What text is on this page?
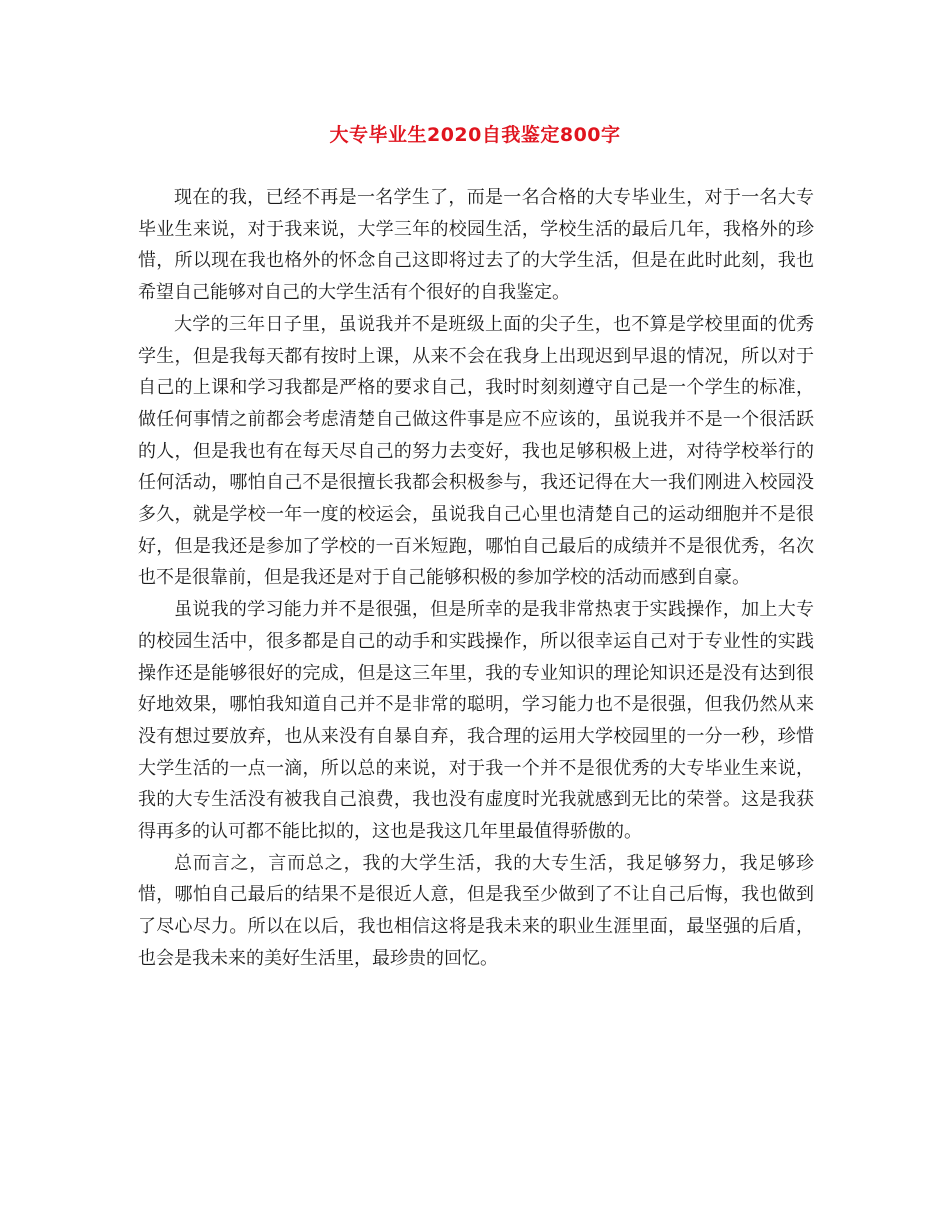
大专毕业生2020自我鉴定800字

现在的我，已经不再是一名学生了，而是一名合格的大专毕业生，对于一名大专毕业生来说，对于我来说，大学三年的校园生活，学校生活的最后几年，我格外的珍惜，所以现在我也格外的怀念自己这即将过去了的大学生活，但是在此时此刻，我也希望自己能够对自己的大学生活有个很好的自我鉴定。

大学的三年日子里，虽说我并不是班级上面的尖子生，也不算是学校里面的优秀学生，但是我每天都有按时上课，从来不会在我身上出现迟到早退的情况，所以对于自己的上课和学习我都是严格的要求自己，我时时刻刻遵守自己是一个学生的标准，做任何事情之前都会考虑清楚自己做这件事是应不应该的，虽说我并不是一个很活跃的人，但是我也有在每天尽自己的努力去变好，我也足够积极上进，对待学校举行的任何活动，哪怕自己不是很擅长我都会积极参与，我还记得在大一我们刚进入校园没多久，就是学校一年一度的校运会，虽说我自己心里也清楚自己的运动细胞并不是很好，但是我还是参加了学校的一百米短跑，哪怕自己最后的成绩并不是很优秀，名次也不是很靠前，但是我还是对于自己能够积极的参加学校的活动而感到自豪。

虽说我的学习能力并不是很强，但是所幸的是我非常热衷于实践操作，加上大专的校园生活中，很多都是自己的动手和实践操作，所以很幸运自己对于专业性的实践操作还是能够很好的完成，但是这三年里，我的专业知识的理论知识还是没有达到很好地效果，哪怕我知道自己并不是非常的聪明，学习能力也不是很强，但我仍然从来没有想过要放弃，也从来没有自暴自弃，我合理的运用大学校园里的一分一秒，珍惜大学生活的一点一滴，所以总的来说，对于我一个并不是很优秀的大专毕业生来说，我的大专生活没有被我自己浪费，我也没有虚度时光我就感到无比的荣誉。这是我获得再多的认可都不能比拟的，这也是我这几年里最值得骄傲的。

总而言之，言而总之，我的大学生活，我的大专生活，我足够努力，我足够珍惜，哪怕自己最后的结果不是很近人意，但是我至少做到了不让自己后悔，我也做到了尽心尽力。所以在以后，我也相信这将是我未来的职业生涯里面，最坚强的后盾，也会是我未来的美好生活里，最珍贵的回忆。
